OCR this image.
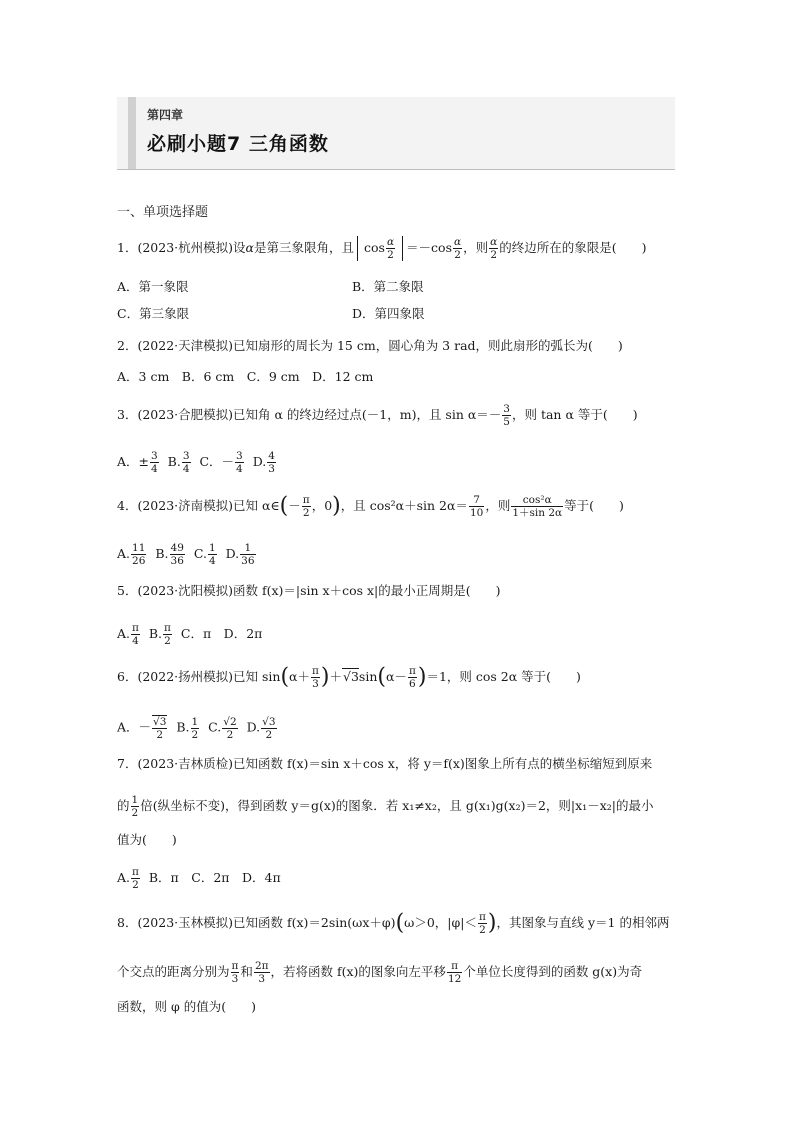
第四章
必刷小题7 三角函数
一、单项选择题
1．(2023·杭州模拟)设α是第三象限角，且 $\cos \frac{\alpha}{2} =-\cos \frac{\alpha}{2}$ ，则 $\frac{\alpha}{2}$ 的终边所在的象限是(　　)
A．第一象限	B．第二象限
C．第三象限	D．第四象限
2．(2022·天津模拟)已知扇形的周长为 15 cm，圆心角为 3 rad，则此扇形的弧长为(　　)
A．3 cm　B．6 cm　C．9 cm　D．12 cm
3．(2023·合肥模拟)已知角 α 的终边经过点(－1，m)，且 $\sin \alpha=- \frac{3}{5}$ ，则 tan α 等于(　　)
A．± $\frac{3}{4} B$. $\frac{3}{4}$ C．－ $\frac{3}{4} D$. $\frac{4}{3}$
4．(2023·济南模拟)已知 α∈(－ $\frac{\pi}{2}$ ，0)，且 cos²α＋sin $2\alpha= \frac{7}{10}$ ，则 $\frac{\text{cos²α}}{1+\sin 2\alpha}$ 等于(　　)
A. $\frac{11}{26} B$. $\frac{49}{36} C$. $\frac{1}{4} D$. $\frac{1}{36}$
5．(2023·沈阳模拟)函数 f(x)＝|sin x＋cos x|的最小正周期是(　　)
A. $\frac{\pi}{4} B$. $\frac{\pi}{2}$ C．π　D．2π
6．(2022·扬州模拟)已知 $\sin(\alpha+ \frac{\pi}{3} )+√3\sin(\alpha- \frac{\pi}{6} )=1$，则 cos 2α 等于(　　)
A．－ $\frac{√3}{2} B$. $\frac{1}{2} C$. $\frac{√2}{2} D$. $\frac{√3}{2}$
7．(2023·吉林质检)已知函数 f(x)＝sin x＋cos x，将 y＝f(x)图象上所有点的横坐标缩短到原来
的 $\frac{1}{2}$ 倍(纵坐标不变)，得到函数 y＝g(x)的图象．若 x₁≠x₂，且 g(x₁)g(x₂)＝2，则|x₁－x₂|的最小
值为(　　)
A. $\frac{\pi}{2}$ B．π　C．2π　D．4π
8．(2023·玉林模拟)已知函数 f(x)＝2sin(ωx＋φ)(ω＞0，$|\varphi|< \frac{\pi}{2}$ )，其图象与直线 y＝1 的相邻两
个交点的距离分别为 $\frac{\pi}{3}$ 和 $\frac{2\pi}{3}$ ，若将函数 f(x)的图象向左平移 $\frac{\pi}{12}$ 个单位长度得到的函数 g(x)为奇
函数，则 φ 的值为(　　)
